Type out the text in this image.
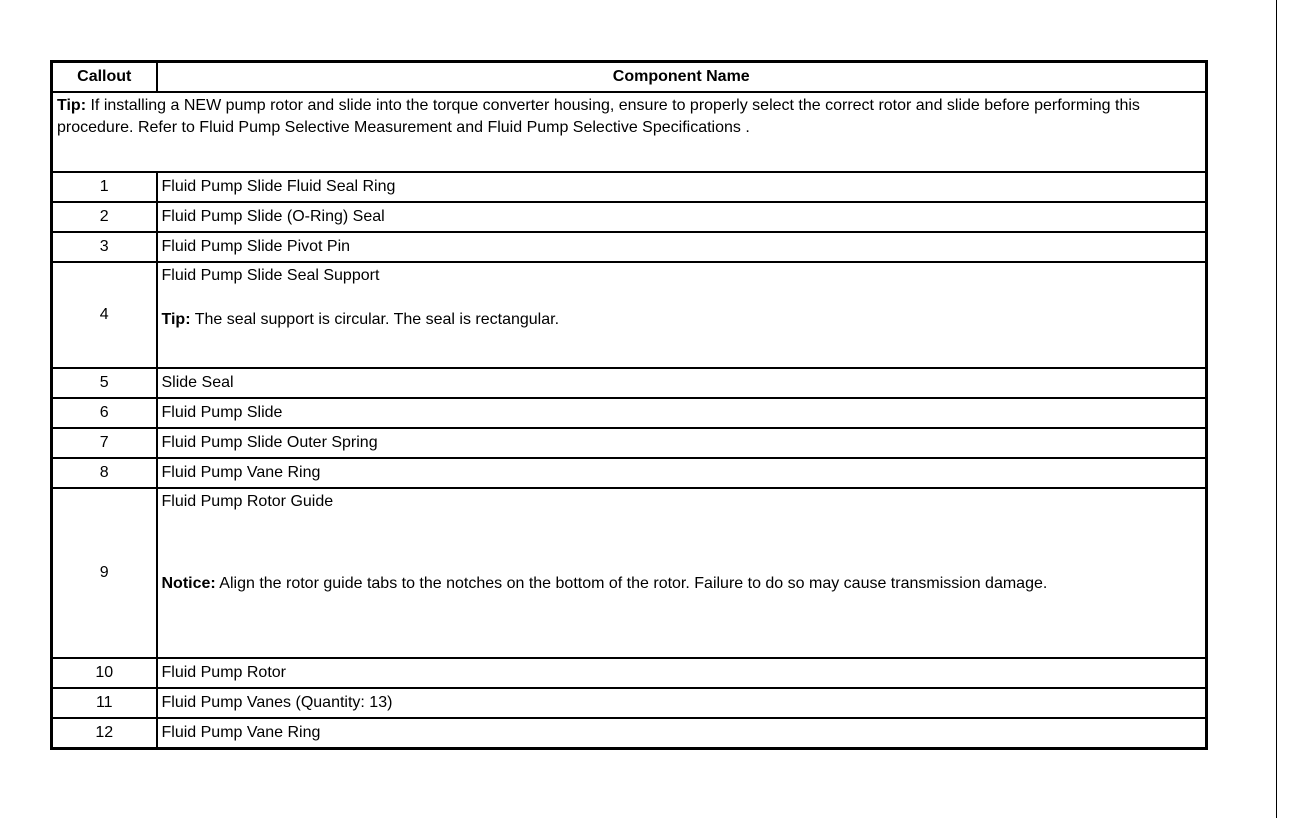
Callout	Component Name
Tip: If installing a NEW pump rotor and slide into the torque converter housing, ensure to properly select the correct rotor and slide before performing this procedure. Refer to Fluid Pump Selective Measurement and Fluid Pump Selective Specifications .	
1	Fluid Pump Slide Fluid Seal Ring
2	Fluid Pump Slide (O-Ring) Seal
3	Fluid Pump Slide Pivot Pin
4	Fluid Pump Slide Seal Support
Tip: The seal support is circular. The seal is rectangular.
5	Slide Seal
6	Fluid Pump Slide
7	Fluid Pump Slide Outer Spring
8	Fluid Pump Vane Ring
9	Fluid Pump Rotor Guide
Notice: Align the rotor guide tabs to the notches on the bottom of the rotor. Failure to do so may cause transmission damage.
10	Fluid Pump Rotor
11	Fluid Pump Vanes (Quantity: 13)
12	Fluid Pump Vane Ring
